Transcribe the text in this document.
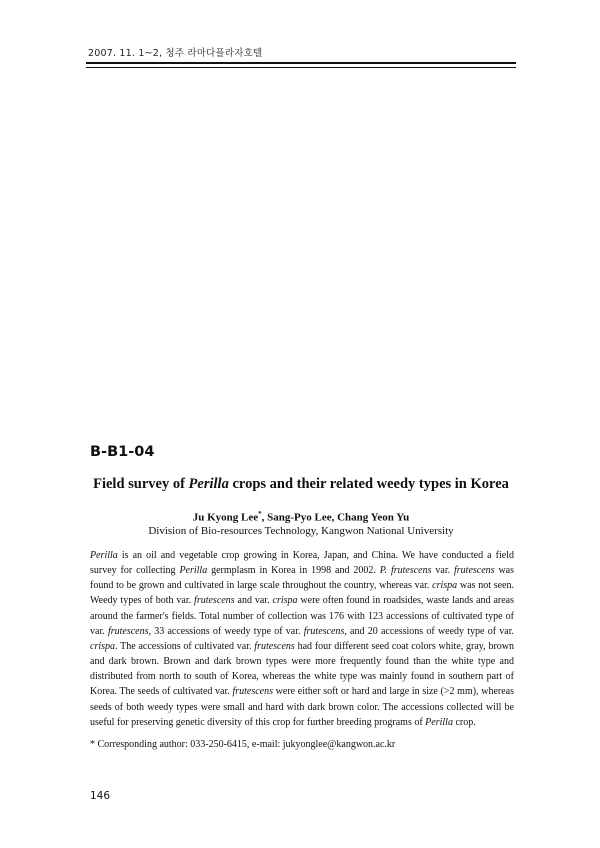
2007. 11. 1~2, 청주 라마다플라자호텔
B-B1-04
Field survey of Perilla crops and their related weedy types in Korea
Ju Kyong Lee*, Sang-Pyo Lee, Chang Yeon Yu
Division of Bio-resources Technology, Kangwon National University
Perilla is an oil and vegetable crop growing in Korea, Japan, and China. We have conducted a field survey for collecting Perilla germplasm in Korea in 1998 and 2002. P. frutescens var. frutescens was found to be grown and cultivated in large scale throughout the country, whereas var. crispa was not seen. Weedy types of both var. frutescens and var. crispa were often found in roadsides, waste lands and areas around the farmer's fields. Total number of collection was 176 with 123 accessions of cultivated type of var. frutescens, 33 accessions of weedy type of var. frutescens, and 20 accessions of weedy type of var. crispa. The accessions of cultivated var. frutescens had four different seed coat colors white, gray, brown and dark brown. Brown and dark brown types were more frequently found than the white type and distributed from north to south of Korea, whereas the white type was mainly found in southern part of Korea. The seeds of cultivated var. frutescens were either soft or hard and large in size (>2 mm), whereas seeds of both weedy types were small and hard with dark brown color. The accessions collected will be useful for preserving genetic diversity of this crop for further breeding programs of Perilla crop.
* Corresponding author: 033-250-6415, e-mail: jukyonglee@kangwon.ac.kr
146
